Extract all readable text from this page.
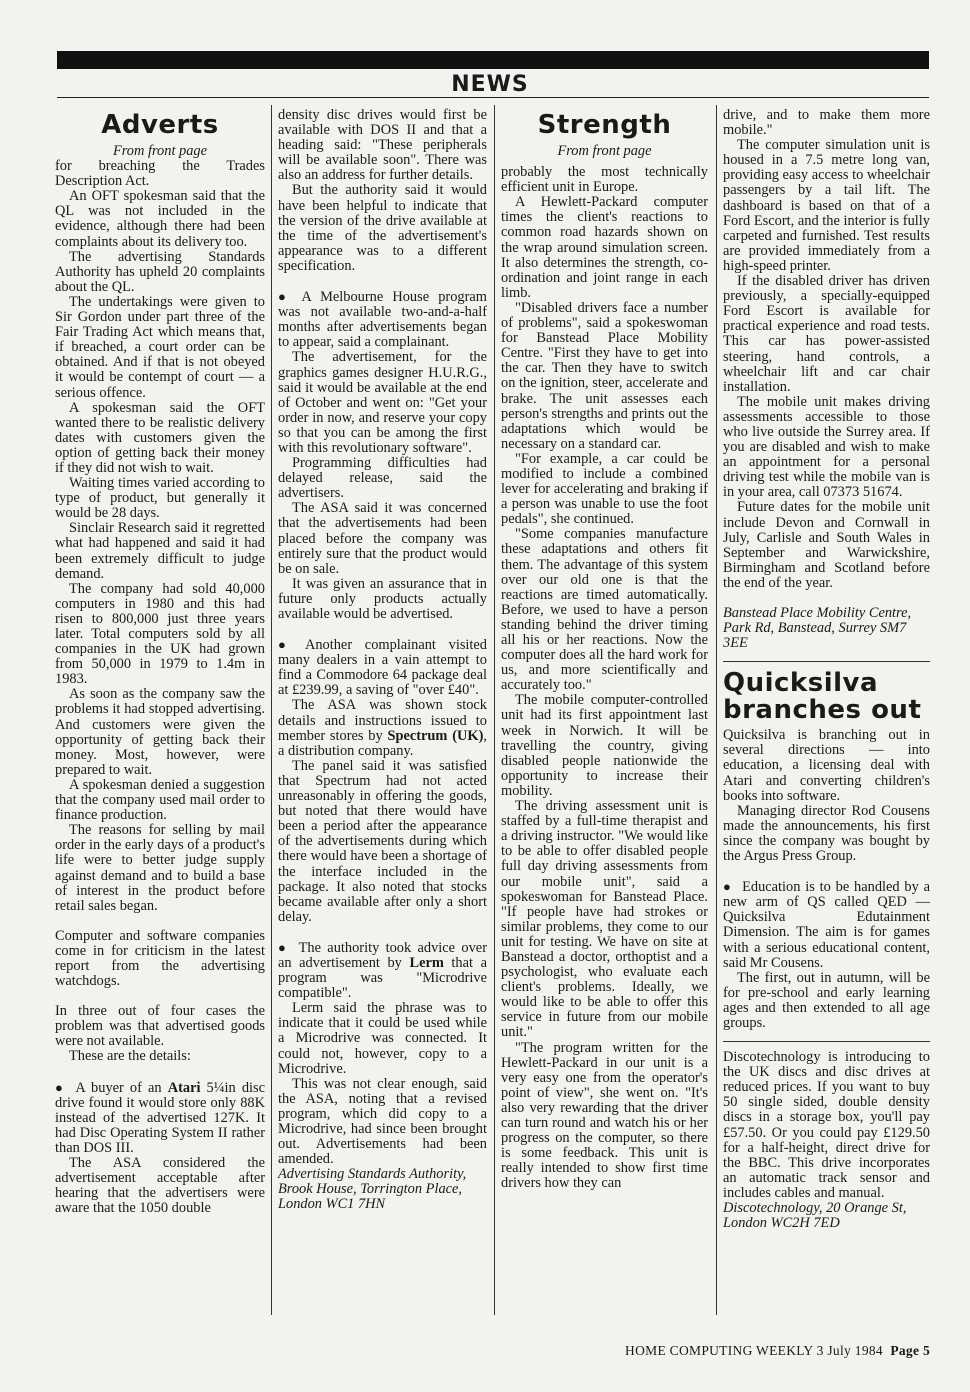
NEWS
Adverts

From front page

for breaching the Trades Description Act.

An OFT spokesman said that the QL was not included in the evidence, although there had been complaints about its delivery too.

The advertising Standards Authority has upheld 20 complaints about the QL.

The undertakings were given to Sir Gordon under part three of the Fair Trading Act which means that, if breached, a court order can be obtained. And if that is not obeyed it would be contempt of court — a serious offence.

A spokesman said the OFT wanted there to be realistic delivery dates with customers given the option of getting back their money if they did not wish to wait.

Waiting times varied according to type of product, but generally it would be 28 days.

Sinclair Research said it regretted what had happened and said it had been extremely difficult to judge demand.

The company had sold 40,000 computers in 1980 and this had risen to 800,000 just three years later. Total computers sold by all companies in the UK had grown from 50,000 in 1979 to 1.4m in 1983.

As soon as the company saw the problems it had stopped advertising. And customers were given the opportunity of getting back their money. Most, however, were prepared to wait.

A spokesman denied a suggestion that the company used mail order to finance production.

The reasons for selling by mail order in the early days of a product's life were to better judge supply against demand and to build a base of interest in the product before retail sales began.

Computer and software companies come in for criticism in the latest report from the advertising watchdogs.

In three out of four cases the problem was that advertised goods were not available.

These are the details:

● A buyer of an Atari 5¼in disc drive found it would store only 88K instead of the advertised 127K. It had Disc Operating System II rather than DOS III.

The ASA considered the advertisement acceptable after hearing that the advertisers were aware that the 1050 double

density disc drives would first be available with DOS II and that a heading said: "These peripherals will be available soon". There was also an address for further details.

But the authority said it would have been helpful to indicate that the version of the drive available at the time of the advertisement's appearance was to a different specification.

● A Melbourne House program was not available two-and-a-half months after advertisements began to appear, said a complainant.

The advertisement, for the graphics games designer H.U.R.G., said it would be available at the end of October and went on: "Get your order in now, and reserve your copy so that you can be among the first with this revolutionary software".

Programming difficulties had delayed release, said the advertisers.

The ASA said it was concerned that the advertisements had been placed before the company was entirely sure that the product would be on sale.

It was given an assurance that in future only products actually available would be advertised.

● Another complainant visited many dealers in a vain attempt to find a Commodore 64 package deal at £239.99, a saving of "over £40".

The ASA was shown stock details and instructions issued to member stores by Spectrum (UK), a distribution company.

The panel said it was satisfied that Spectrum had not acted unreasonably in offering the goods, but noted that there would have been a period after the appearance of the advertisements during which there would have been a shortage of the interface included in the package. It also noted that stocks became available after only a short delay.

● The authority took advice over an advertisement by Lerm that a program was "Microdrive compatible".

Lerm said the phrase was to indicate that it could be used while a Microdrive was connected. It could not, however, copy to a Microdrive.

This was not clear enough, said the ASA, noting that a revised program, which did copy to a Microdrive, had since been brought out. Advertisements had been amended.

Advertising Standards Authority, Brook House, Torrington Place, London WC1 7HN

Strength

From front page

probably the most technically efficient unit in Europe.

A Hewlett-Packard computer times the client's reactions to common road hazards shown on the wrap around simulation screen. It also determines the strength, co-ordination and joint range in each limb.

"Disabled drivers face a number of problems", said a spokeswoman for Banstead Place Mobility Centre. "First they have to get into the car. Then they have to switch on the ignition, steer, accelerate and brake. The unit assesses each person's strengths and prints out the adaptations which would be necessary on a standard car.

"For example, a car could be modified to include a combined lever for accelerating and braking if a person was unable to use the foot pedals", she continued.

"Some companies manufacture these adaptations and others fit them. The advantage of this system over our old one is that the reactions are timed automatically. Before, we used to have a person standing behind the driver timing all his or her reactions. Now the computer does all the hard work for us, and more scientifically and accurately too."

The mobile computer-controlled unit had its first appointment last week in Norwich. It will be travelling the country, giving disabled people nationwide the opportunity to increase their mobility.

The driving assessment unit is staffed by a full-time therapist and a driving instructor. "We would like to be able to offer disabled people full day driving assessments from our mobile unit", said a spokeswoman for Banstead Place. "If people have had strokes or similar problems, they come to our unit for testing. We have on site at Banstead a doctor, orthoptist and a psychologist, who evaluate each client's problems. Ideally, we would like to be able to offer this service in future from our mobile unit."

"The program written for the Hewlett-Packard in our unit is a very easy one from the operator's point of view", she went on. "It's also very rewarding that the driver can turn round and watch his or her progress on the computer, so there is some feedback. This unit is really intended to show first time drivers how they can

drive, and to make them more mobile."

The computer simulation unit is housed in a 7.5 metre long van, providing easy access to wheelchair passengers by a tail lift. The dashboard is based on that of a Ford Escort, and the interior is fully carpeted and furnished. Test results are provided immediately from a high-speed printer.

If the disabled driver has driven previously, a specially-equipped Ford Escort is available for practical experience and road tests. This car has power-assisted steering, hand controls, a wheelchair lift and car chair installation.

The mobile unit makes driving assessments accessible to those who live outside the Surrey area. If you are disabled and wish to make an appointment for a personal driving test while the mobile van is in your area, call 07373 51674.

Future dates for the mobile unit include Devon and Cornwall in July, Carlisle and South Wales in September and Warwickshire, Birmingham and Scotland before the end of the year.

Banstead Place Mobility Centre, Park Rd, Banstead, Surrey SM7 3EE

Quicksilva branches out

Quicksilva is branching out in several directions — into education, a licensing deal with Atari and converting children's books into software.

Managing director Rod Cousens made the announcements, his first since the company was bought by the Argus Press Group.

● Education is to be handled by a new arm of QS called QED — Quicksilva Edutainment Dimension. The aim is for games with a serious educational content, said Mr Cousens.

The first, out in autumn, will be for pre-school and early learning ages and then extended to all age groups.

Discotechnology is introducing to the UK discs and disc drives at reduced prices. If you want to buy 50 single sided, double density discs in a storage box, you'll pay £57.50. Or you could pay £129.50 for a half-height, direct drive for the BBC. This drive incorporates an automatic track sensor and includes cables and manual.

Discotechnology, 20 Orange St, London WC2H 7ED

HOME COMPUTING WEEKLY 3 July 1984 Page 5
